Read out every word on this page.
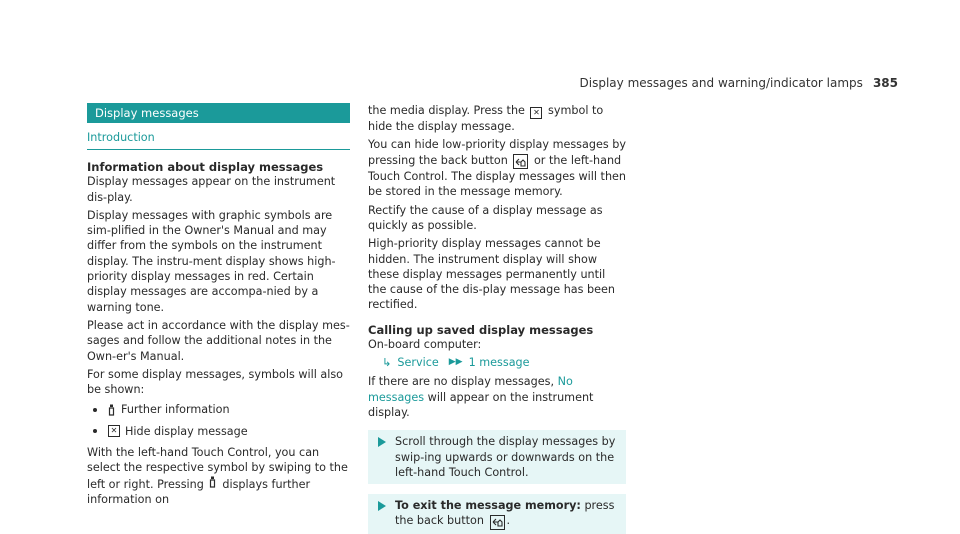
Display messages and warning/indicator lamps 385
Display messages
Introduction
Information about display messages

Display messages appear on the instrument dis-play.

Display messages with graphic symbols are sim-plified in the Owner's Manual and may differ from the symbols on the instrument display. The instru-ment display shows high-priority display messages in red. Certain display messages are accompa-nied by a warning tone.

Please act in accordance with the display mes-sages and follow the additional notes in the Own-er's Manual.

For some display messages, symbols will also be shown:

Further information
✕ Hide display message

With the left-hand Touch Control, you can select the respective symbol by swiping to the left or right. Pressing displays further information on

the media display. Press the ✕ symbol to hide the display message.

You can hide low-priority display messages by pressing the back button or the left-hand Touch Control. The display messages will then be stored in the message memory.

Rectify the cause of a display message as quickly as possible.

High-priority display messages cannot be hidden. The instrument display will show these display messages permanently until the cause of the dis-play message has been rectified.

Calling up saved display messages

On-board computer:

↳ Service ▶▶ 1 message

If there are no display messages, No messages will appear on the instrument display.

Scroll through the display messages by swip-ing upwards or downwards on the left-hand Touch Control.
To exit the message memory: press the back button .
